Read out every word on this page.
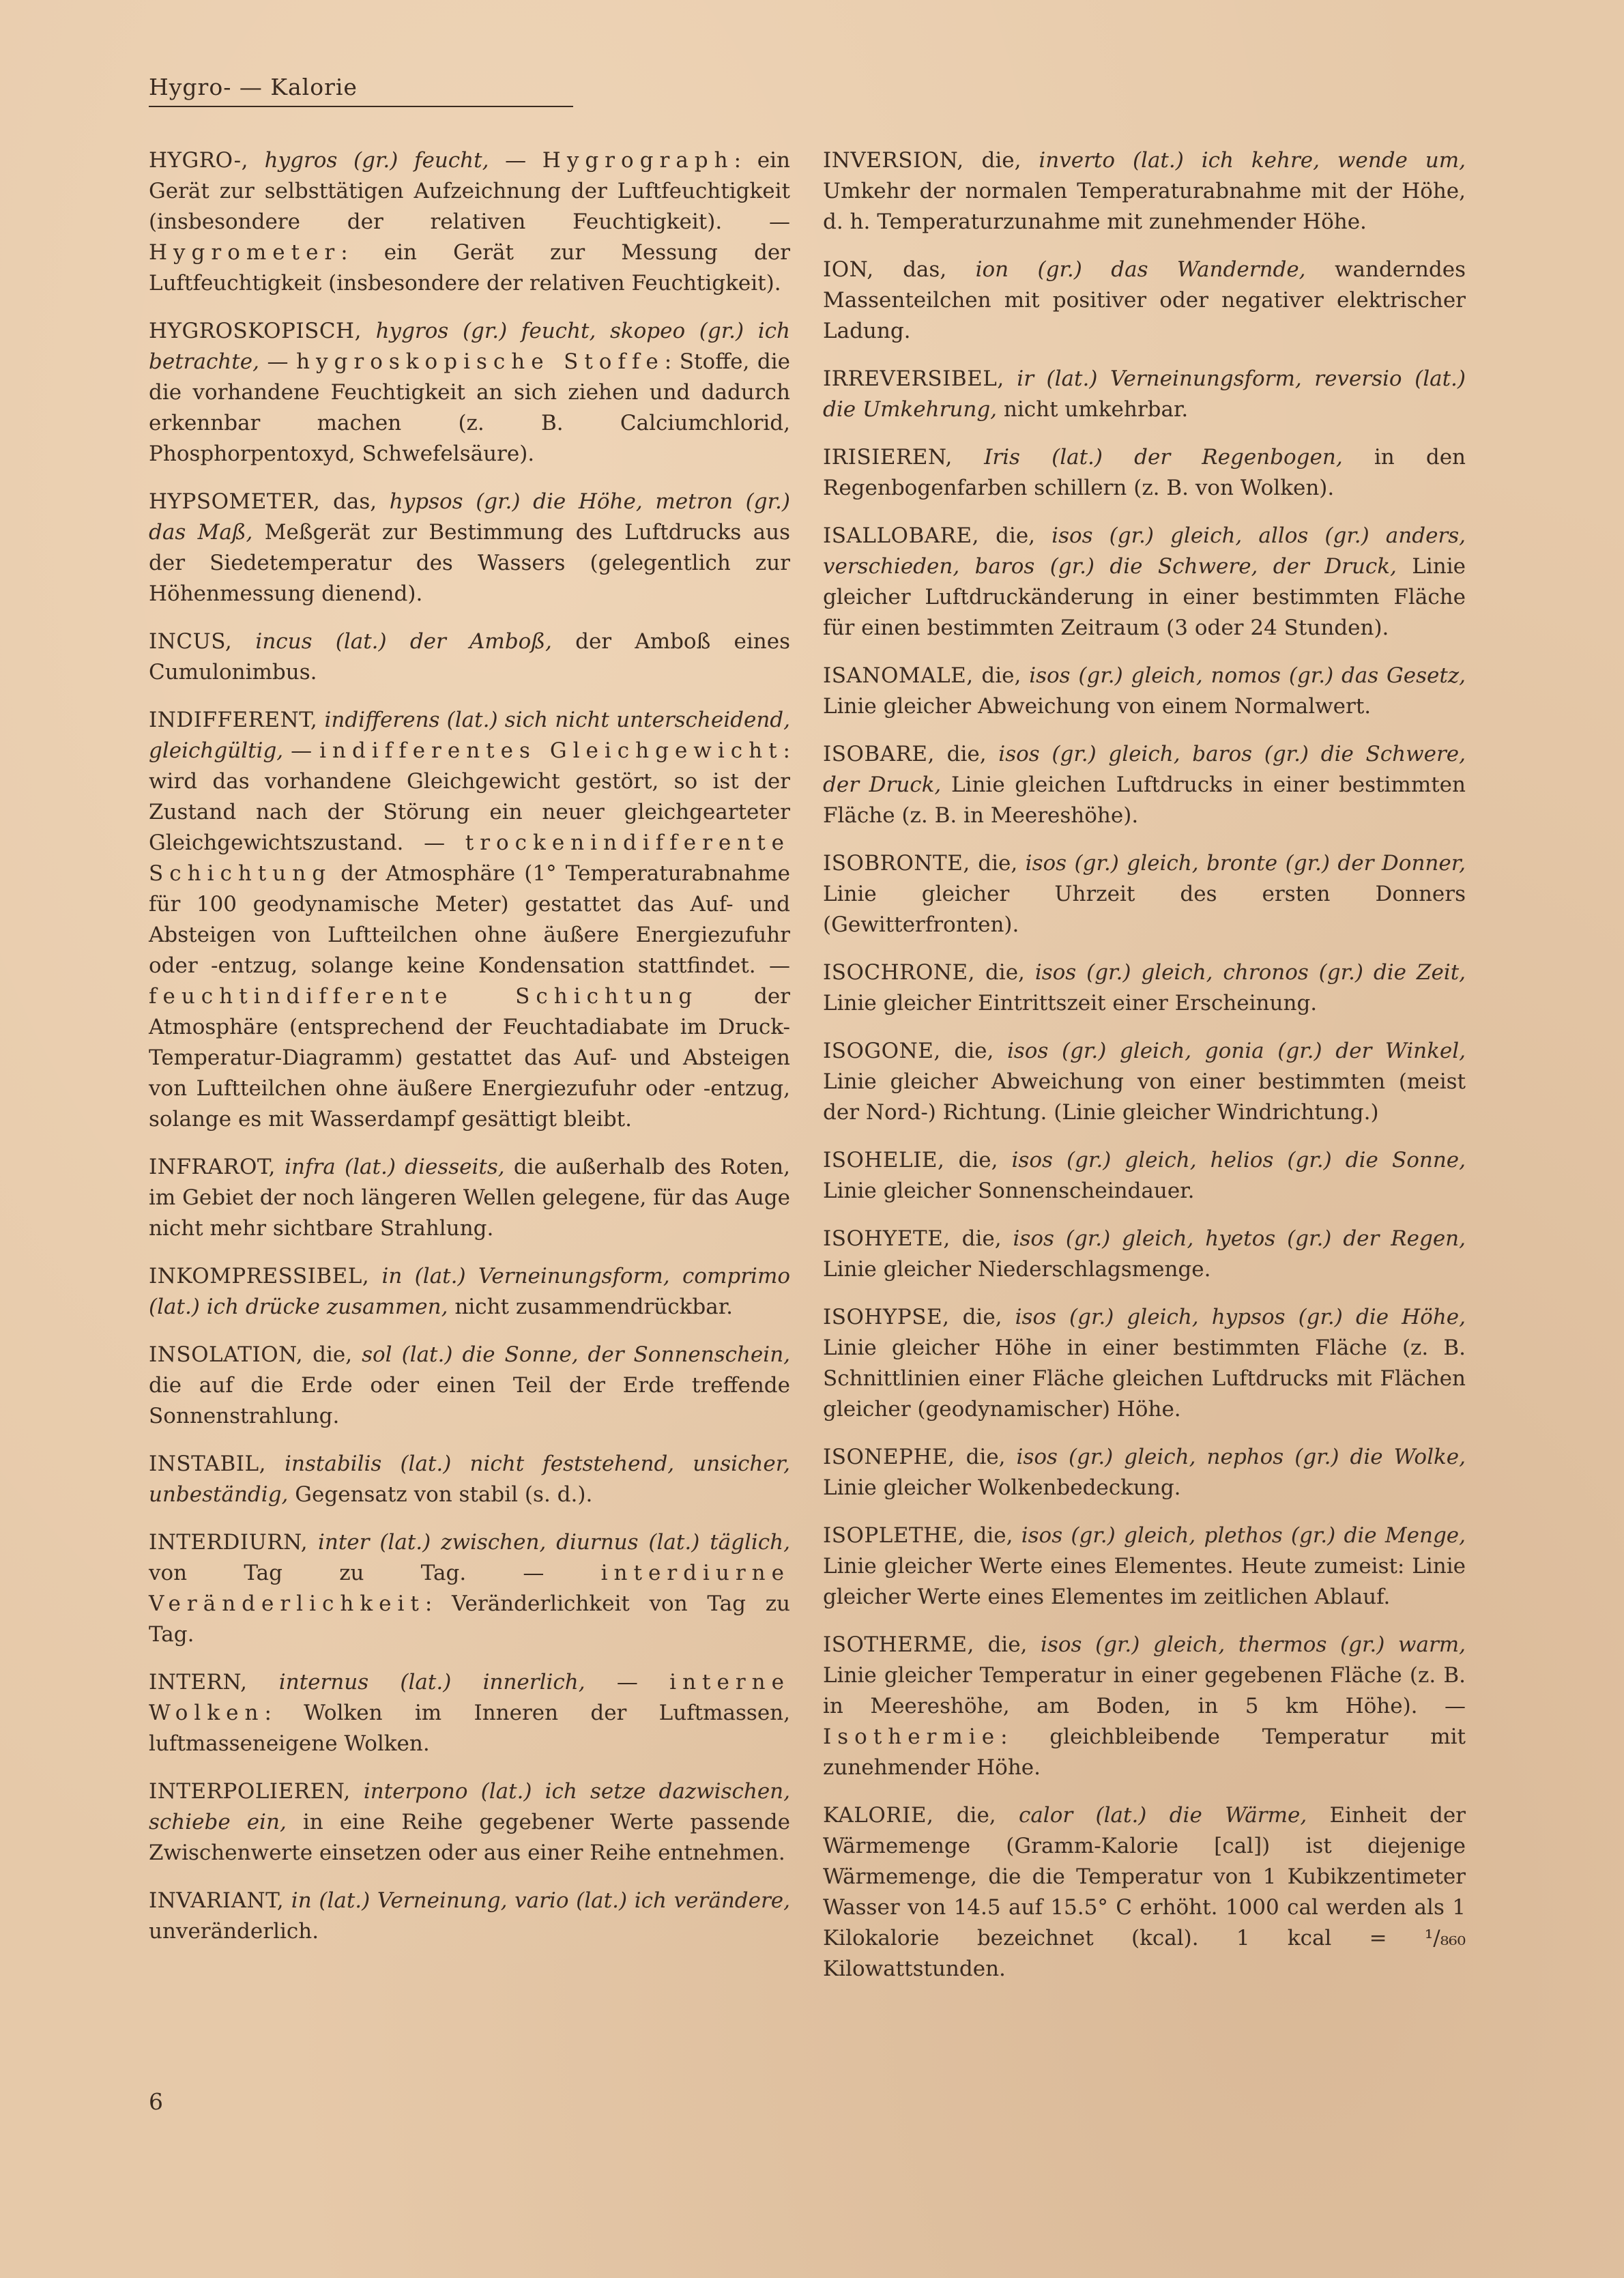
Hygro- — Kalorie

HYGRO-, hygros (gr.) feucht, — Hygrograph: ein Gerät zur selbsttätigen Aufzeichnung der Luftfeuchtigkeit (insbesondere der relativen Feuchtigkeit). — Hygrometer: ein Gerät zur Messung der Luftfeuchtigkeit (insbesondere der relativen Feuchtigkeit).

HYGROSKOPISCH, hygros (gr.) feucht, skopeo (gr.) ich betrachte, — hygroskopische Stoffe: Stoffe, die die vorhandene Feuchtigkeit an sich ziehen und dadurch erkennbar machen (z. B. Calciumchlorid, Phosphorpentoxyd, Schwefelsäure).

HYPSOMETER, das, hypsos (gr.) die Höhe, metron (gr.) das Maß, Meßgerät zur Bestimmung des Luftdrucks aus der Siedetemperatur des Wassers (gelegentlich zur Höhenmessung dienend).

INCUS, incus (lat.) der Amboß, der Amboß eines Cumulonimbus.

INDIFFERENT, indifferens (lat.) sich nicht unterscheidend, gleichgültig, — indifferentes Gleichgewicht: wird das vorhandene Gleichgewicht gestört, so ist der Zustand nach der Störung ein neuer gleichgearteter Gleichgewichtszustand. — trockenindifferente Schichtung der Atmosphäre (1° Temperaturabnahme für 100 geodynamische Meter) gestattet das Auf- und Absteigen von Luftteilchen ohne äußere Energiezufuhr oder -entzug, solange keine Kondensation stattfindet. — feuchtindifferente Schichtung der Atmosphäre (entsprechend der Feuchtadiabate im Druck-Temperatur-Diagramm) gestattet das Auf- und Absteigen von Luftteilchen ohne äußere Energiezufuhr oder -entzug, solange es mit Wasserdampf gesättigt bleibt.

INFRAROT, infra (lat.) diesseits, die außerhalb des Roten, im Gebiet der noch längeren Wellen gelegene, für das Auge nicht mehr sichtbare Strahlung.

INKOMPRESSIBEL, in (lat.) Verneinungsform, comprimo (lat.) ich drücke zusammen, nicht zusammendrückbar.

INSOLATION, die, sol (lat.) die Sonne, der Sonnenschein, die auf die Erde oder einen Teil der Erde treffende Sonnenstrahlung.

INSTABIL, instabilis (lat.) nicht feststehend, unsicher, unbeständig, Gegensatz von stabil (s. d.).

INTERDIURN, inter (lat.) zwischen, diurnus (lat.) täglich, von Tag zu Tag. — interdiurne Veränderlichkeit: Veränderlichkeit von Tag zu Tag.

INTERN, internus (lat.) innerlich, — interne Wolken: Wolken im Inneren der Luftmassen, luftmasseneigene Wolken.

INTERPOLIEREN, interpono (lat.) ich setze dazwischen, schiebe ein, in eine Reihe gegebener Werte passende Zwischenwerte einsetzen oder aus einer Reihe entnehmen.

INVARIANT, in (lat.) Verneinung, vario (lat.) ich verändere, unveränderlich.

INVERSION, die, inverto (lat.) ich kehre, wende um, Umkehr der normalen Temperaturabnahme mit der Höhe, d. h. Temperaturzunahme mit zunehmender Höhe.

ION, das, ion (gr.) das Wandernde, wanderndes Massenteilchen mit positiver oder negativer elektrischer Ladung.

IRREVERSIBEL, ir (lat.) Verneinungsform, reversio (lat.) die Umkehrung, nicht umkehrbar.

IRISIEREN, Iris (lat.) der Regenbogen, in den Regenbogenfarben schillern (z. B. von Wolken).

ISALLOBARE, die, isos (gr.) gleich, allos (gr.) anders, verschieden, baros (gr.) die Schwere, der Druck, Linie gleicher Luftdruckänderung in einer bestimmten Fläche für einen bestimmten Zeitraum (3 oder 24 Stunden).

ISANOMALE, die, isos (gr.) gleich, nomos (gr.) das Gesetz, Linie gleicher Abweichung von einem Normalwert.

ISOBARE, die, isos (gr.) gleich, baros (gr.) die Schwere, der Druck, Linie gleichen Luftdrucks in einer bestimmten Fläche (z. B. in Meereshöhe).

ISOBRONTE, die, isos (gr.) gleich, bronte (gr.) der Donner, Linie gleicher Uhrzeit des ersten Donners (Gewitterfronten).

ISOCHRONE, die, isos (gr.) gleich, chronos (gr.) die Zeit, Linie gleicher Eintrittszeit einer Erscheinung.

ISOGONE, die, isos (gr.) gleich, gonia (gr.) der Winkel, Linie gleicher Abweichung von einer bestimmten (meist der Nord-) Richtung. (Linie gleicher Windrichtung.)

ISOHELIE, die, isos (gr.) gleich, helios (gr.) die Sonne, Linie gleicher Sonnenscheindauer.

ISOHYETE, die, isos (gr.) gleich, hyetos (gr.) der Regen, Linie gleicher Niederschlagsmenge.

ISOHYPSE, die, isos (gr.) gleich, hypsos (gr.) die Höhe, Linie gleicher Höhe in einer bestimmten Fläche (z. B. Schnittlinien einer Fläche gleichen Luftdrucks mit Flächen gleicher (geodynamischer) Höhe.

ISONEPHE, die, isos (gr.) gleich, nephos (gr.) die Wolke, Linie gleicher Wolkenbedeckung.

ISOPLETHE, die, isos (gr.) gleich, plethos (gr.) die Menge, Linie gleicher Werte eines Elementes. Heute zumeist: Linie gleicher Werte eines Elementes im zeitlichen Ablauf.

ISOTHERME, die, isos (gr.) gleich, thermos (gr.) warm, Linie gleicher Temperatur in einer gegebenen Fläche (z. B. in Meereshöhe, am Boden, in 5 km Höhe). — Isothermie: gleichbleibende Temperatur mit zunehmender Höhe.

KALORIE, die, calor (lat.) die Wärme, Einheit der Wärmemenge (Gramm-Kalorie [cal]) ist diejenige Wärmemenge, die die Temperatur von 1 Kubikzentimeter Wasser von 14.5 auf 15.5° C erhöht. 1000 cal werden als 1 Kilokalorie bezeichnet (kcal). 1 kcal = ¹/₈₆₀ Kilowattstunden.

6
